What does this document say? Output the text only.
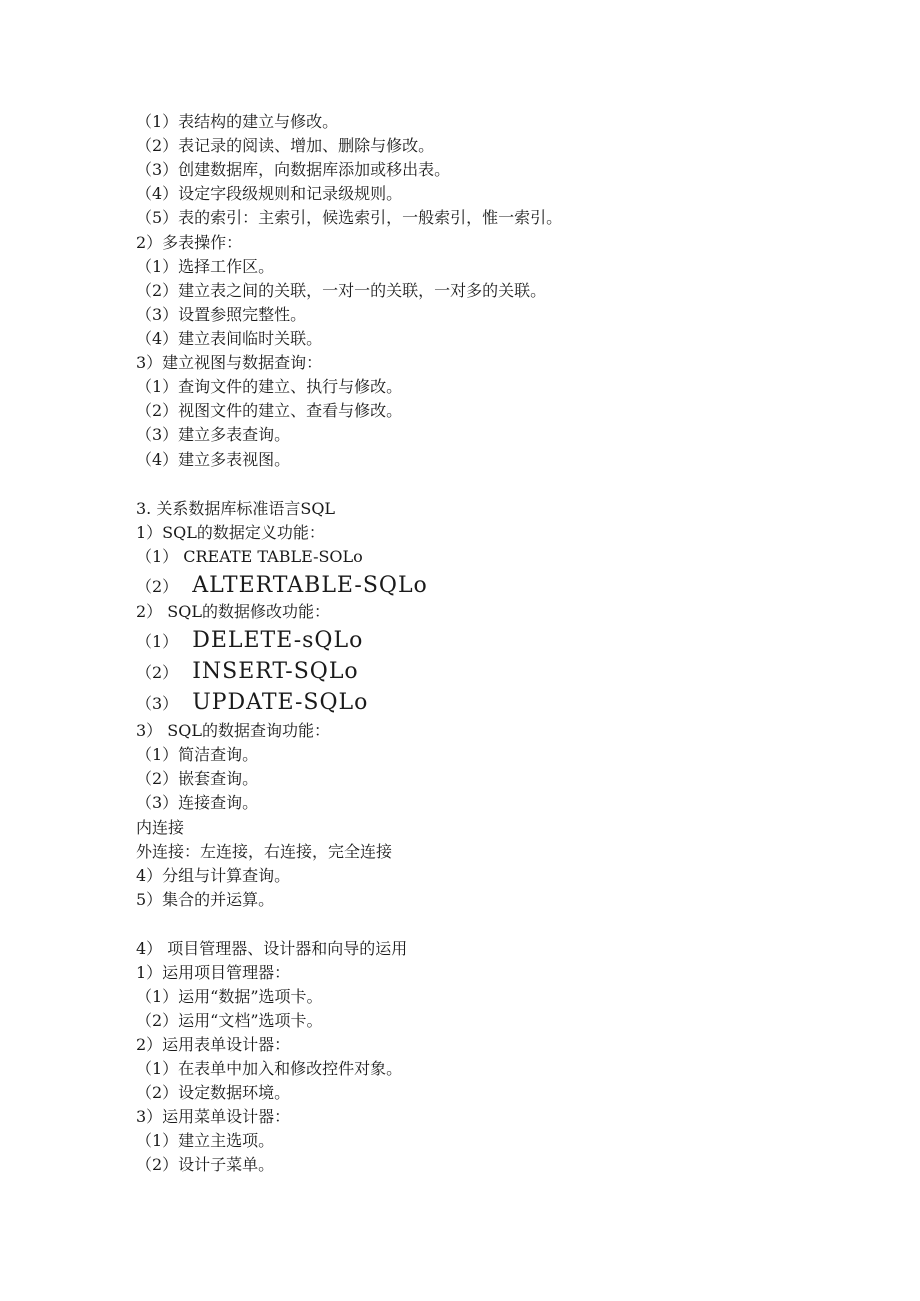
（1）表结构的建立与修改。
（2）表记录的阅读、增加、删除与修改。
（3）创建数据库，向数据库添加或移出表。
（4）设定字段级规则和记录级规则。
（5）表的索引：主索引，候选索引，一般索引，惟一索引。
2）多表操作：
（1）选择工作区。
（2）建立表之间的关联，一对一的关联，一对多的关联。
（3）设置参照完整性。
（4）建立表间临时关联。
3）建立视图与数据查询：
（1）查询文件的建立、执行与修改。
（2）视图文件的建立、查看与修改。
（3）建立多表查询。
（4）建立多表视图。
3. 关系数据库标准语言SQL
1）SQL的数据定义功能：
（1） CREATE TABLE-SOLo
（2） ALTERTABLE-SQLo
2） SQL的数据修改功能：
（1） DELETE-sQLo
（2） INSERT-SQLo
（3） UPDATE-SQLo
3） SQL的数据查询功能：
（1）简洁查询。
（2）嵌套查询。
（3）连接查询。
内连接
外连接：左连接，右连接，完全连接
4）分组与计算查询。
5）集合的并运算。
4） 项目管理器、设计器和向导的运用
1）运用项目管理器：
（1）运用“数据”选项卡。
（2）运用“文档”选项卡。
2）运用表单设计器：
（1）在表单中加入和修改控件对象。
（2）设定数据环境。
3）运用菜单设计器：
（1）建立主选项。
（2）设计子菜单。
